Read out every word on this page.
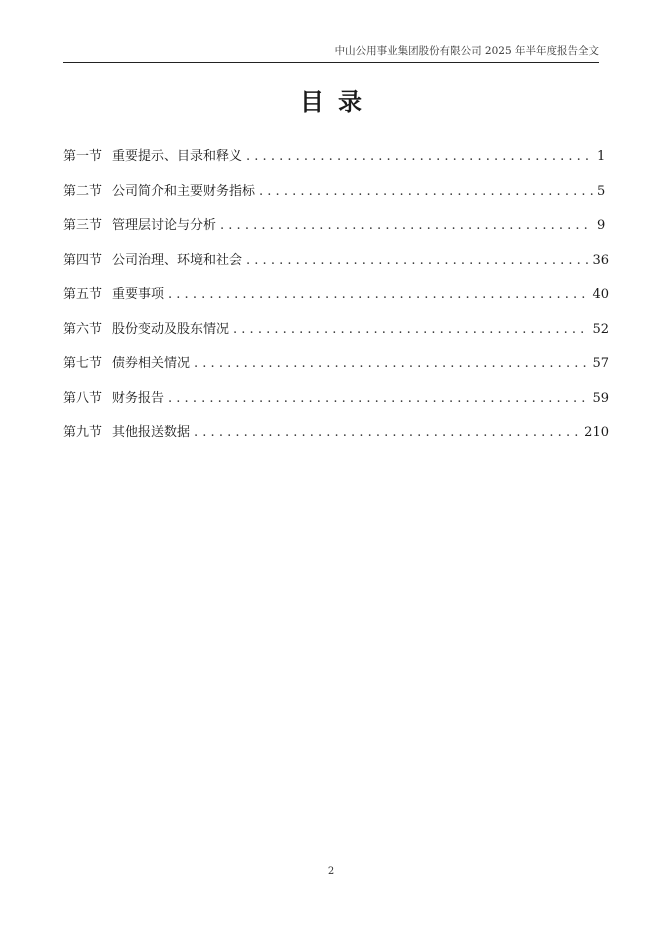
中山公用事业集团股份有限公司 2025 年半年度报告全文
目录
第一节 重要提示、目录和释义 . . .	1
第二节 公司简介和主要财务指标 . . .	5
第三节 管理层讨论与分析 . . .	9
第四节 公司治理、环境和社会 . . .	36
第五节 重要事项 . . .	40
第六节 股份变动及股东情况 . . .	52
第七节 债券相关情况 . . .	57
第八节 财务报告 . . .	59
第九节 其他报送数据 . . .	210
2
